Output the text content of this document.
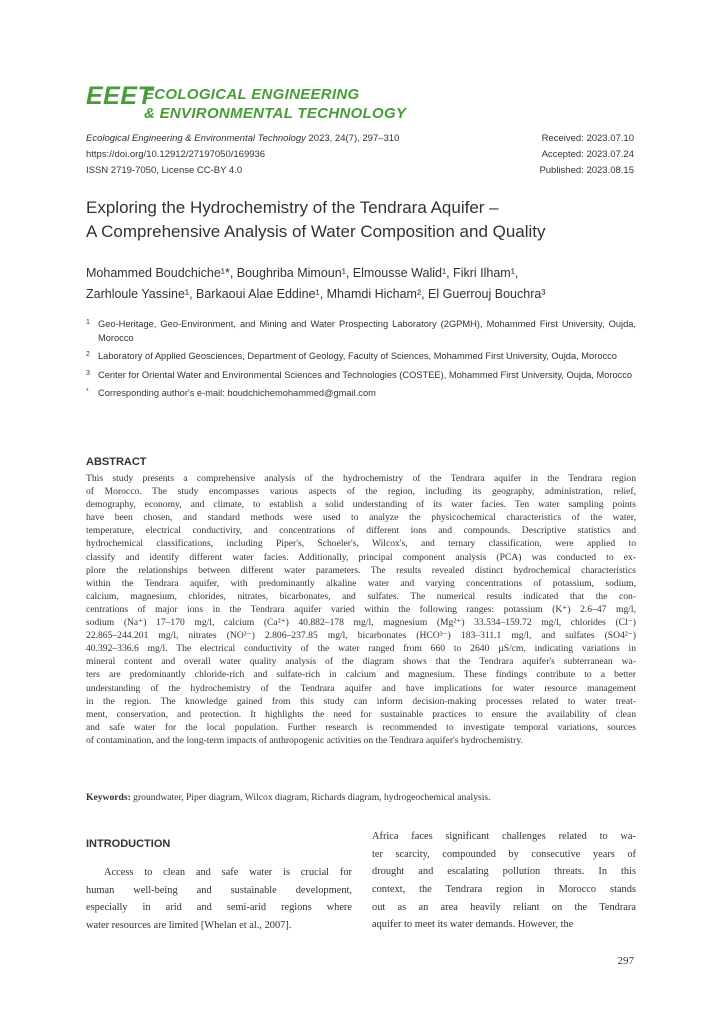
EEET
ECOLOGICAL ENGINEERING
& ENVIRONMENTAL TECHNOLOGY
Ecological Engineering & Environmental Technology 2023, 24(7), 297–310
https://doi.org/10.12912/27197050/169936
ISSN 2719-7050, License CC-BY 4.0
Received: 2023.07.10
Accepted: 2023.07.24
Published: 2023.08.15
Exploring the Hydrochemistry of the Tendrara Aquifer –
A Comprehensive Analysis of Water Composition and Quality
Mohammed Boudchiche¹*, Boughriba Mimoun¹, Elmousse Walid¹, Fikri Ilham¹,
Zarhloule Yassine¹, Barkaoui Alae Eddine¹, Mhamdi Hicham², El Guerrouj Bouchra³
1 Geo-Heritage, Geo-Environment, and Mining and Water Prospecting Laboratory (2GPMH), Mohammed First University, Oujda, Morocco
2 Laboratory of Applied Geosciences, Department of Geology, Faculty of Sciences, Mohammed First University, Oujda, Morocco
3 Center for Oriental Water and Environmental Sciences and Technologies (COSTEE), Mohammed First University, Oujda, Morocco
* Corresponding author's e-mail: boudchichemohammed@gmail.com
ABSTRACT
This study presents a comprehensive analysis of the hydrochemistry of the Tendrara aquifer in the Tendrara region
of Morocco. The study encompasses various aspects of the region, including its geography, administration, relief,
demography, economy, and climate, to establish a solid understanding of its water facies. Ten water sampling points
have been chosen, and standard methods were used to analyze the physicochemical characteristics of the water,
temperature, electrical conductivity, and concentrations of different ions and compounds. Descriptive statistics and
hydrochemical classifications, including Piper's, Schoeler's, Wilcox's, and ternary classification, were applied to
classify and identify different water facies. Additionally, principal component analysis (PCA) was conducted to ex-
plore the relationships between different water parameters. The results revealed distinct hydrochemical characteristics
within the Tendrara aquifer, with predominantly alkaline water and varying concentrations of potassium, sodium,
calcium, magnesium, chlorides, nitrates, bicarbonates, and sulfates. The numerical results indicated that the con-
centrations of major ions in the Tendrara aquifer varied within the following ranges: potassium (K⁺) 2.6–47 mg/l,
sodium (Na⁺) 17–170 mg/l, calcium (Ca²⁺) 40.882–178 mg/l, magnesium (Mg²⁺) 33.534–159.72 mg/l, chlorides (Cl⁻)
22.865–244.201 mg/l, nitrates (NO³⁻) 2.806–237.85 mg/l, bicarbonates (HCO³⁻) 183–311.1 mg/l, and sulfates (SO4²⁻)
40.392–336.6 mg/l. The electrical conductivity of the water ranged from 660 to 2640 µS/cm, indicating variations in
mineral content and overall water quality analysis of the diagram shows that the Tendrara aquifer's subterranean wa-
ters are predominantly chloride-rich and sulfate-rich in calcium and magnesium. These findings contribute to a better
understanding of the hydrochemistry of the Tendrara aquifer and have implications for water resource management
in the region. The knowledge gained from this study can inform decision-making processes related to water treat-
ment, conservation, and protection. It highlights the need for sustainable practices to ensure the availability of clean
and safe water for the local population. Further research is recommended to investigate temporal variations, sources
of contamination, and the long-term impacts of anthropogenic activities on the Tendrara aquifer's hydrochemistry.
Keywords: groundwater, Piper diagram, Wilcox diagram, Richards diagram, hydrogeochemical analysis.
INTRODUCTION
Access to clean and safe water is crucial for
human well-being and sustainable development,
especially in arid and semi-arid regions where
water resources are limited [Whelan et al., 2007].
Africa faces significant challenges related to wa-
ter scarcity, compounded by consecutive years of
drought and escalating pollution threats. In this
context, the Tendrara region in Morocco stands
out as an area heavily reliant on the Tendrara
aquifer to meet its water demands. However, the
297
